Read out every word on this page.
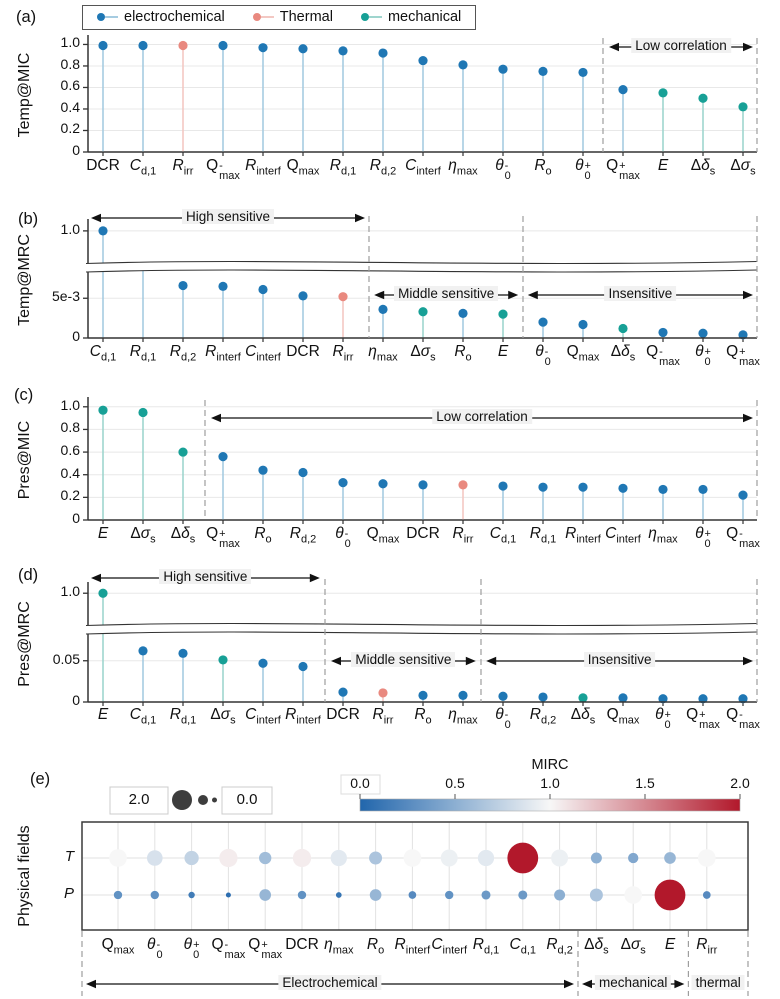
0
0.2
0.4
0.6
0.8
1.0	Low correlation
DCR $C_{d,1}$	$R_{irr}$ Q -
max
$R_{interf}$ $Q_{max}$ $R_{d,1}$ $R_{d,2}$ $C_{interf}$ $\eta_{max}$	θ -
0
$R_o$	θ +
0
Q +
max
E	$\Delta\delta_s$ $\Delta\sigma_s$
Temp@MIC
(a)
1.0
0
5e-3
High sensitive
Middle sensitive	Insensitive
$C_{d,1}$ $R_{d,1}$ $R_{d,2}$ $R_{interf}$ $C_{interf}$ DCR $R_{irr}$ $\eta_{max}$ $\Delta\sigma_s$	$R_o$	E	θ -
0
$Q_{max}$ $\Delta\delta_s$ Q -
max
θ +
0
Q +
max
Temp@MRC
(b)
0
0.2
0.4
0.6
0.8
1.0
Low correlation
E	$\Delta\sigma_s$ $\Delta\delta_s$ Q +
max
$R_o$	$R_{d,2}$	θ -
0
$Q_{max}$ DCR $R_{irr}$	$C_{d,1}$ $R_{d,1}$ $R_{interf}$ $C_{interf}$ $\eta_{max}$	θ +
0
Q -
max
Pres@MIC
(c)
1.0
0
0.05
High sensitive
Middle sensitive	Insensitive
E	$C_{d,1}$ $R_{d,1}$ $\Delta\sigma_s$ $C_{interf}$ $R_{interf}$ DCR $R_{irr}$	$R_o$	$\eta_{max}$	θ -
0
$R_{d,2}$ $\Delta\delta_s$ $Q_{max}$	θ +
0
Q +
max
Q -
max
Pres@MRC
(d)
(e)
2.0	0.0
MIRC
0.0	0.5	1.0	1.5	2.0
T
P
Physical fields
$Q_{max}$ θ -
0
θ +
0
Q -
max
Q +
max
DCR $\eta_{max}$ $R_o$ $R_{interf}$ $C_{interf}$ $R_{d,1}$ $C_{d,1}$ $R_{d,2}$ $\Delta\delta_s$ $\Delta\sigma_s$	E	$R_{irr}$
Electrochemical	mechanical thermal
electrochemical	Thermal	mechanical
